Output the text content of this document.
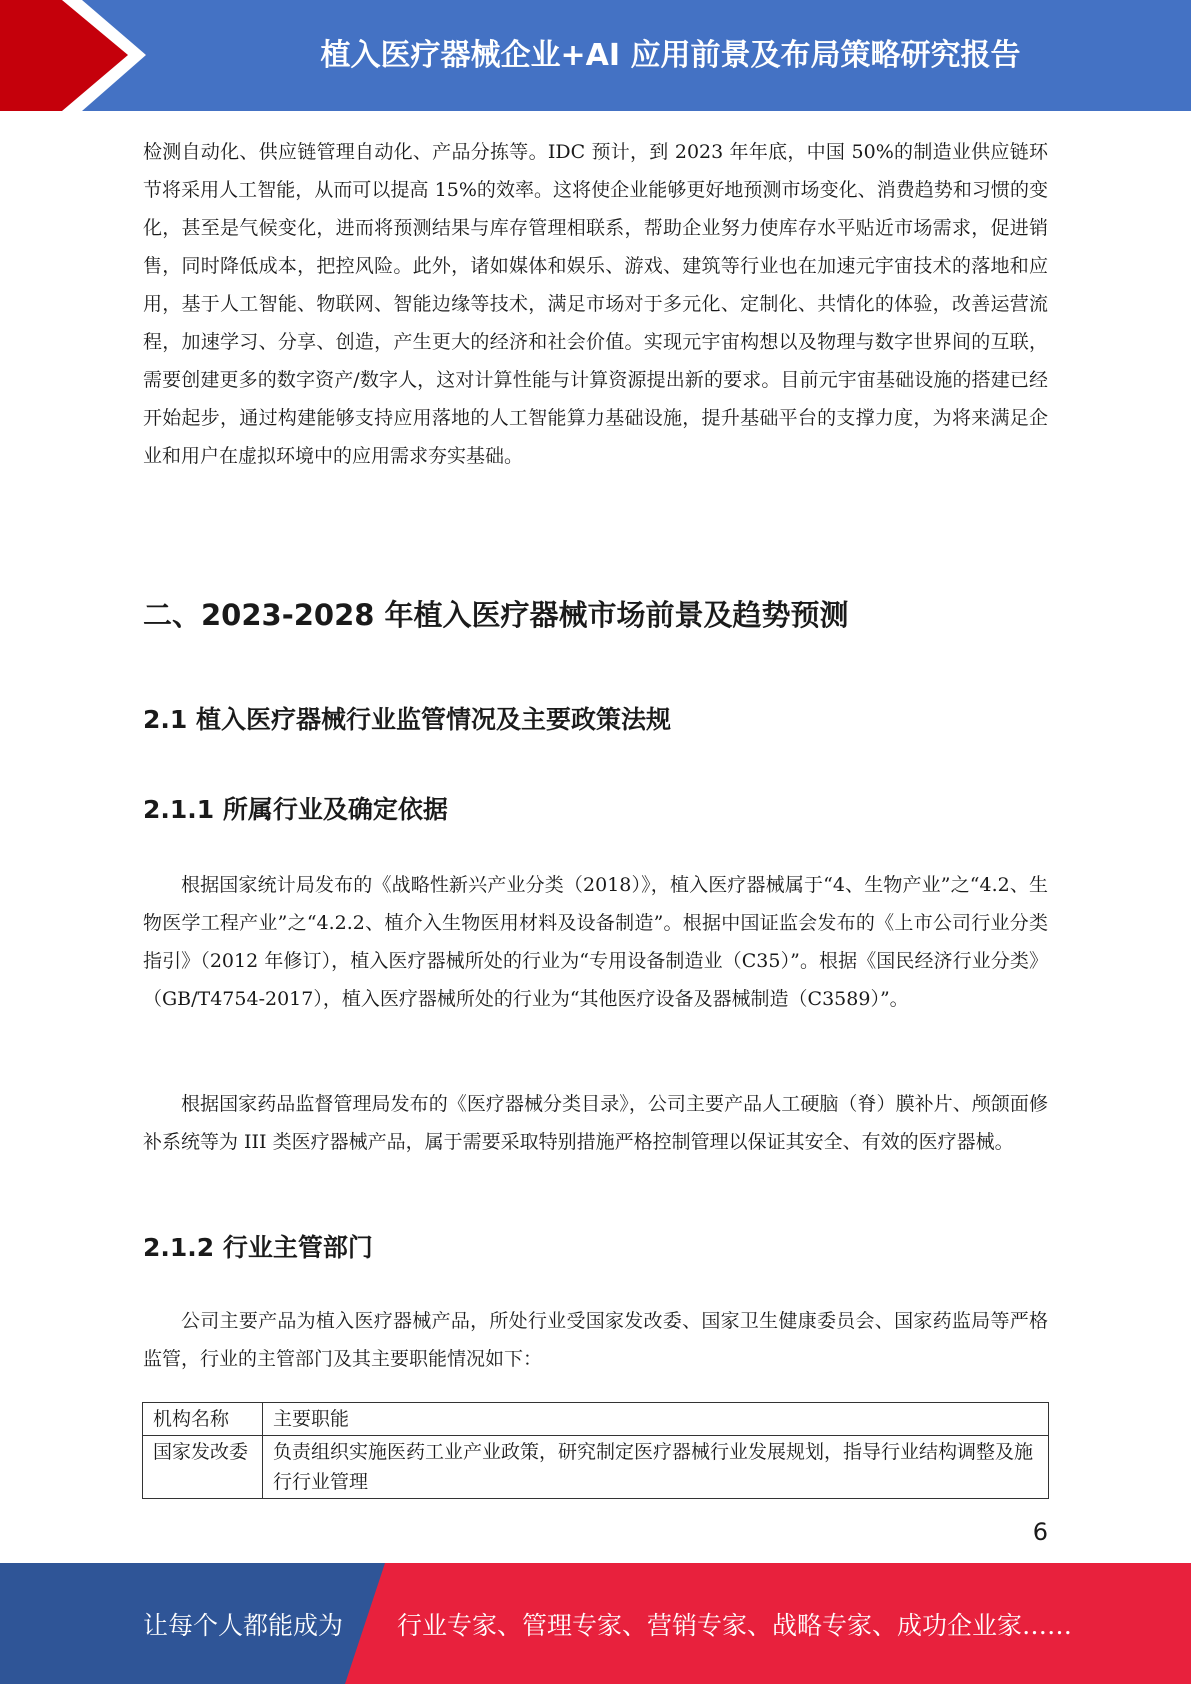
植入医疗器械企业+AI 应用前景及布局策略研究报告

检测自动化、供应链管理自动化、产品分拣等。IDC 预计，到 2023 年年底，中国 50%的制造业供应链环节将采用人工智能，从而可以提高 15%的效率。这将使企业能够更好地预测市场变化、消费趋势和习惯的变化，甚至是气候变化，进而将预测结果与库存管理相联系，帮助企业努力使库存水平贴近市场需求，促进销售，同时降低成本，把控风险。此外，诸如媒体和娱乐、游戏、建筑等行业也在加速元宇宙技术的落地和应用，基于人工智能、物联网、智能边缘等技术，满足市场对于多元化、定制化、共情化的体验，改善运营流程，加速学习、分享、创造，产生更大的经济和社会价值。实现元宇宙构想以及物理与数字世界间的互联，需要创建更多的数字资产/数字人，这对计算性能与计算资源提出新的要求。目前元宇宙基础设施的搭建已经开始起步，通过构建能够支持应用落地的人工智能算力基础设施，提升基础平台的支撑力度，为将来满足企业和用户在虚拟环境中的应用需求夯实基础。

二、2023-2028 年植入医疗器械市场前景及趋势预测
2.1 植入医疗器械行业监管情况及主要政策法规
2.1.1 所属行业及确定依据

根据国家统计局发布的《战略性新兴产业分类（2018）》，植入医疗器械属于“4、生物产业”之“4.2、生物医学工程产业”之“4.2.2、植介入生物医用材料及设备制造”。根据中国证监会发布的《上市公司行业分类指引》（2012 年修订），植入医疗器械所处的行业为“专用设备制造业（C35）”。根据《国民经济行业分类》（GB/T4754-2017），植入医疗器械所处的行业为“其他医疗设备及器械制造（C3589）”。

根据国家药品监督管理局发布的《医疗器械分类目录》，公司主要产品人工硬脑（脊）膜补片、颅颌面修补系统等为 III 类医疗器械产品，属于需要采取特别措施严格控制管理以保证其安全、有效的医疗器械。

2.1.2 行业主管部门

公司主要产品为植入医疗器械产品，所处行业受国家发改委、国家卫生健康委员会、国家药监局等严格监管，行业的主管部门及其主要职能情况如下：

机构名称	主要职能
国家发改委	负责组织实施医药工业产业政策，研究制定医疗器械行业发展规划，指导行业结构调整及施行行业管理
6
让每个人都能成为 行业专家、管理专家、营销专家、战略专家、成功企业家……
